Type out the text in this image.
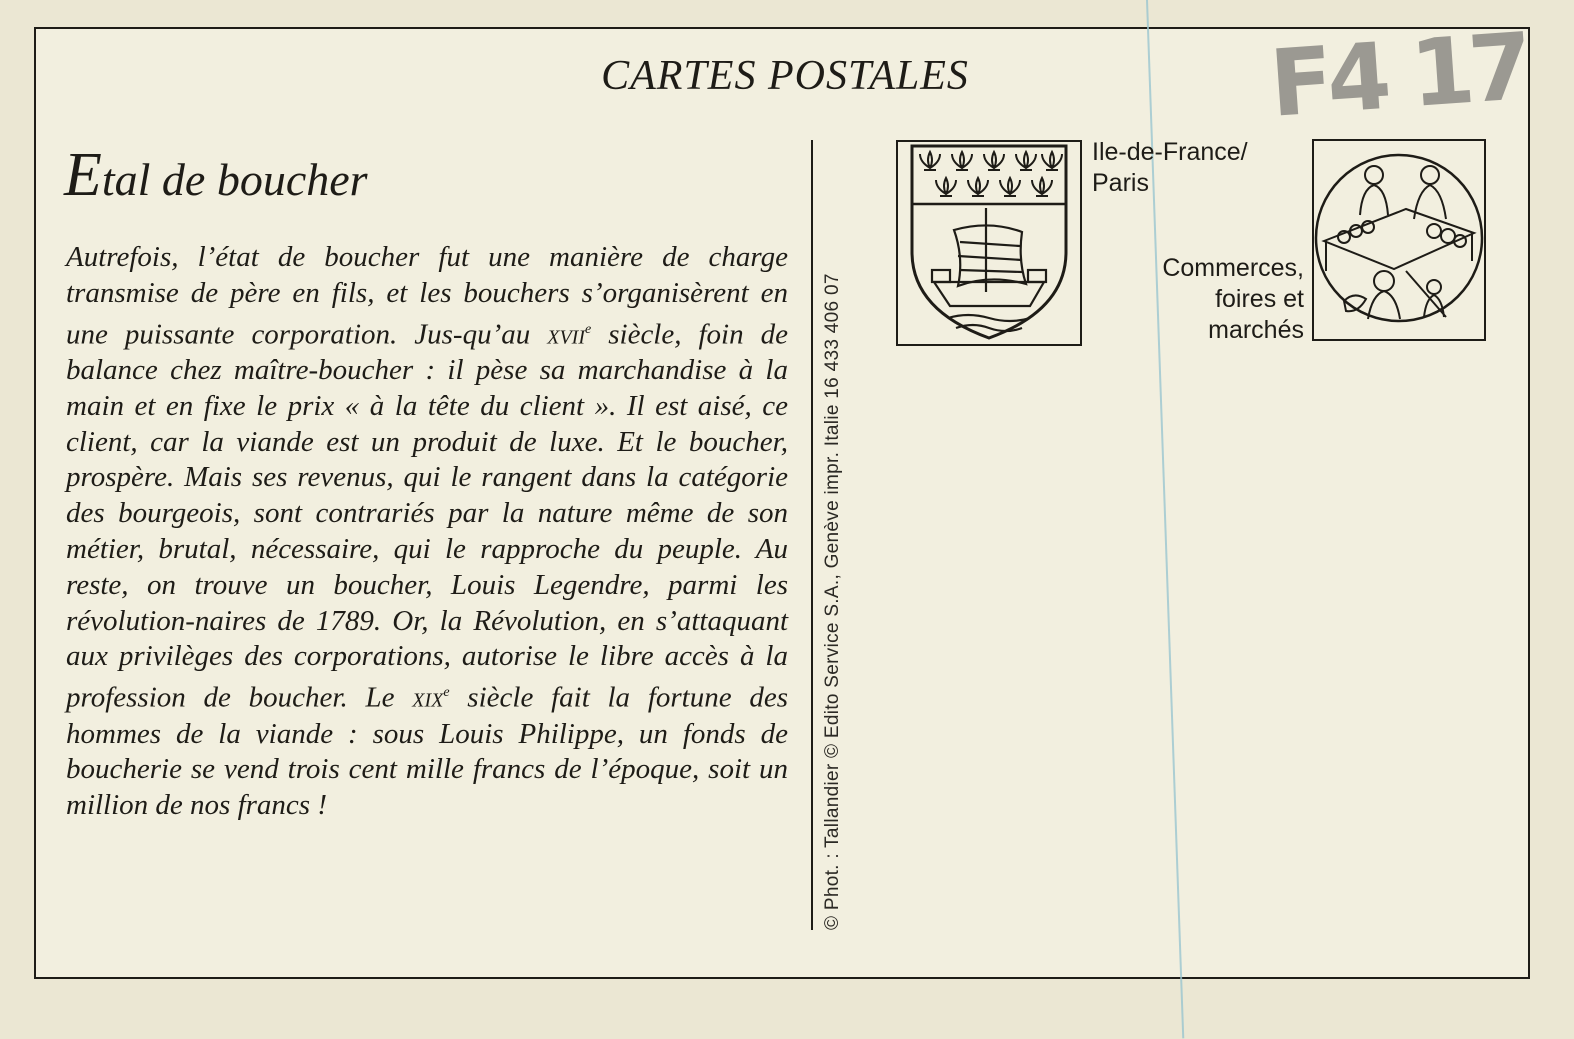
CARTES POSTALES	F4 17
Etal de boucher
Autrefois, l’état de boucher fut une manière de charge transmise de père en fils, et les bouchers s’organisèrent en une puissante corporation. Jus-qu’au xvii$^e$ siècle, foin de balance chez maître-boucher : il pèse sa marchandise à la main et en fixe le prix « à la tête du client ». Il est aisé, ce client, car la viande est un produit de luxe. Et le boucher, prospère. Mais ses revenus, qui le rangent dans la catégorie des bourgeois, sont contrariés par la nature même de son métier, brutal, nécessaire, qui le rapproche du peuple. Au reste, on trouve un boucher, Louis Legendre, parmi les révolution-naires de 1789. Or, la Révolution, en s’attaquant aux privilèges des corporations, autorise le libre accès à la profession de boucher. Le xix$^e$ siècle fait la fortune des hommes de la viande : sous Louis Philippe, un fonds de boucherie se vend trois cent mille francs de l’époque, soit un million de nos francs !	© Phot. : Tallandier © Edito Service S.A., Genève impr. Italie 16 433 406 07
Ile-de-France/
Paris
Commerces,
foires et
marchés
